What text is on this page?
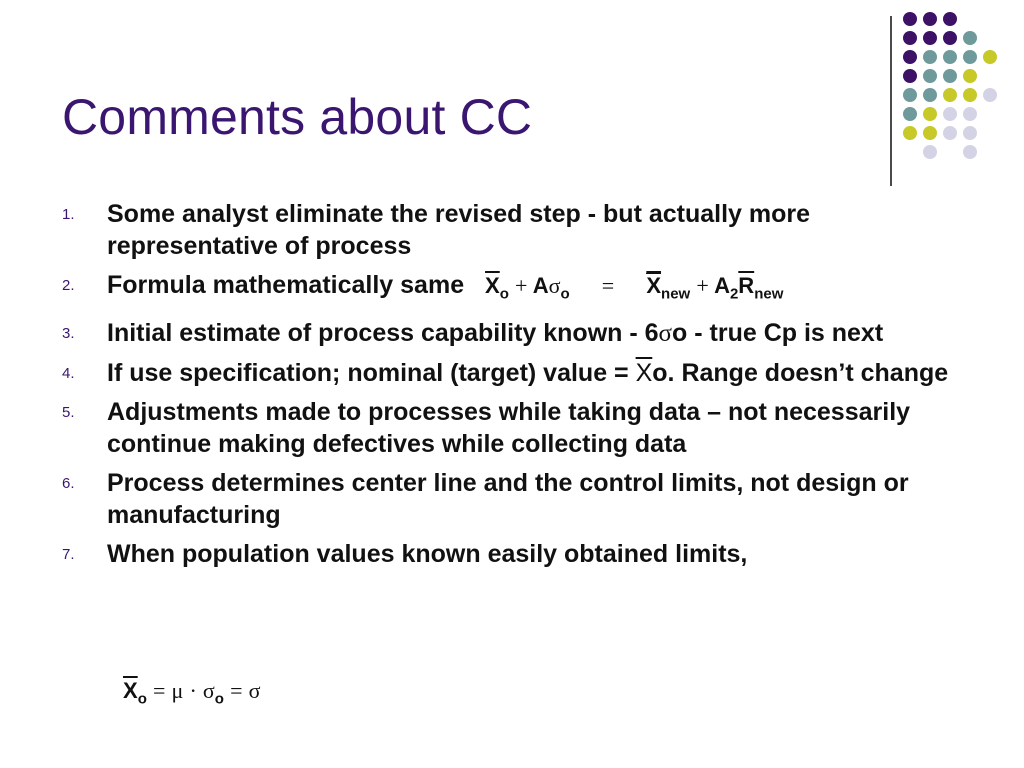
Comments about CC
1. Some analyst eliminate the revised step - but actually more representative of process
2. Formula mathematically same $\overline{X}_o + A\sigma_o = \overline{X}_{new} + A_2\overline{R}_{new}$
3. Initial estimate of process capability known - 6σo - true Cp is next
4. If use specification; nominal (target) value = $\overline{X}o$. Range doesn’t change
5. Adjustments made to processes while taking data – not necessarily continue making defectives while collecting data
6. Process determines center line and the control limits, not design or manufacturing
7. When population values known easily obtained limits,
$\overline{X}_o = \mu \cdot \sigma_o = \sigma$
